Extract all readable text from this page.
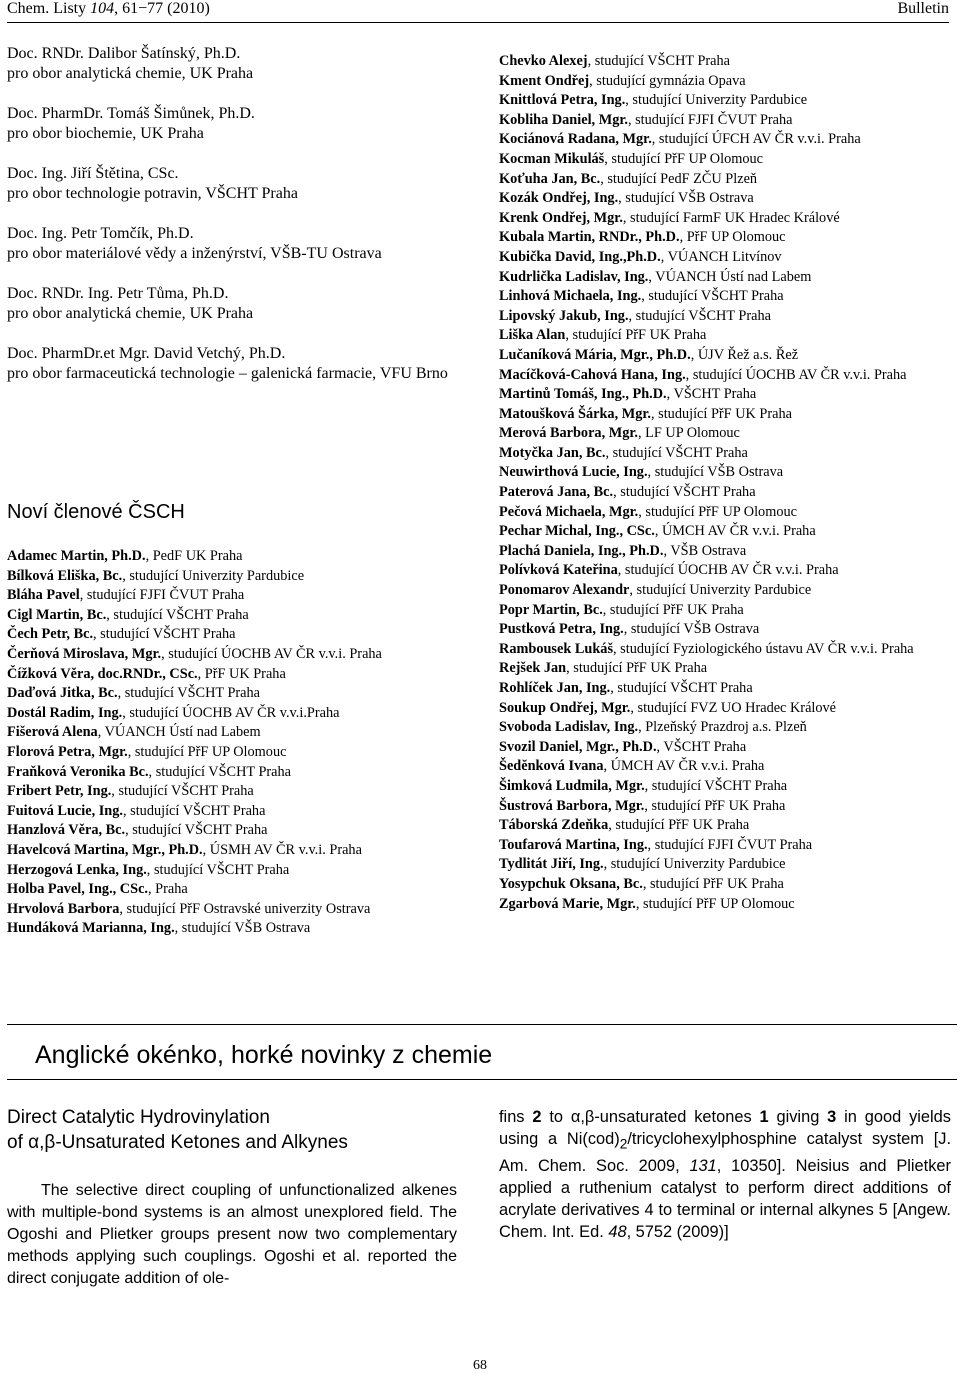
Chem. Listy 104, 61−77 (2010)	Bulletin
Doc. RNDr. Dalibor Šatínský, Ph.D.
pro obor analytická chemie, UK Praha
Doc. PharmDr. Tomáš Šimůnek, Ph.D.
pro obor biochemie, UK Praha
Doc. Ing. Jiří Štětina, CSc.
pro obor technologie potravin, VŠCHT Praha
Doc. Ing. Petr Tomčík, Ph.D.
pro obor materiálové vědy a inženýrství, VŠB-TU Ostrava
Doc. RNDr. Ing. Petr Tůma, Ph.D.
pro obor analytická chemie, UK Praha
Doc. PharmDr.et Mgr. David Vetchý, Ph.D.
pro obor farmaceutická technologie – galenická farmacie, VFU Brno
Noví členové ČSCH
Adamec Martin, Ph.D., PedF UK Praha
Bílková Eliška, Bc., studující Univerzity Pardubice
Bláha Pavel, studující FJFI ČVUT Praha
Cigl Martin, Bc., studující VŠCHT Praha
Čech Petr, Bc., studující VŠCHT Praha
Čerňová Miroslava, Mgr., studující ÚOCHB AV ČR v.v.i. Praha
Čížková Věra, doc.RNDr., CSc., PřF UK Praha
Daďová Jitka, Bc., studující VŠCHT Praha
Dostál Radim, Ing., studující ÚOCHB AV ČR v.v.i.Praha
Fišerová Alena, VÚANCH Ústí nad Labem
Florová Petra, Mgr., studující PřF UP Olomouc
Fraňková Veronika Bc., studující VŠCHT Praha
Fribert Petr, Ing., studující VŠCHT Praha
Fuitová Lucie, Ing., studující VŠCHT Praha
Hanzlová Věra, Bc., studující VŠCHT Praha
Havelcová Martina, Mgr., Ph.D., ÚSMH AV ČR v.v.i. Praha
Herzogová Lenka, Ing., studující VŠCHT Praha
Holba Pavel, Ing., CSc., Praha
Hrvolová Barbora, studující PřF Ostravské univerzity Ostrava
Hundáková Marianna, Ing., studující VŠB Ostrava
Chevko Alexej, studující VŠCHT Praha
Kment Ondřej, studující gymnázia Opava
Knittlová Petra, Ing., studující Univerzity Pardubice
Kobliha Daniel, Mgr., studující FJFI ČVUT Praha
Kociánová Radana, Mgr., studující ÚFCH AV ČR v.v.i. Praha
Kocman Mikuláš, studující PřF UP Olomouc
Koťuha Jan, Bc., studující PedF ZČU Plzeň
Kozák Ondřej, Ing., studující VŠB Ostrava
Krenk Ondřej, Mgr., studující FarmF UK Hradec Králové
Kubala Martin, RNDr., Ph.D., PřF UP Olomouc
Kubička David, Ing.,Ph.D., VÚANCH Litvínov
Kudrlička Ladislav, Ing., VÚANCH Ústí nad Labem
Linhová Michaela, Ing., studující VŠCHT Praha
Lipovský Jakub, Ing., studující VŠCHT Praha
Liška Alan, studující PřF UK Praha
Lučaníková Mária, Mgr., Ph.D., ÚJV Řež a.s. Řež
Macíčková-Cahová Hana, Ing., studující ÚOCHB AV ČR v.v.i. Praha
Martinů Tomáš, Ing., Ph.D., VŠCHT Praha
Matoušková Šárka, Mgr., studující PřF UK Praha
Merová Barbora, Mgr., LF UP Olomouc
Motyčka Jan, Bc., studující VŠCHT Praha
Neuwirthová Lucie, Ing., studující VŠB Ostrava
Paterová Jana, Bc., studující VŠCHT Praha
Pečová Michaela, Mgr., studující PřF UP Olomouc
Pechar Michal, Ing., CSc., ÚMCH AV ČR v.v.i. Praha
Plachá Daniela, Ing., Ph.D., VŠB Ostrava
Polívková Kateřina, studující ÚOCHB AV ČR v.v.i. Praha
Ponomarov Alexandr, studující Univerzity Pardubice
Popr Martin, Bc., studující PřF UK Praha
Pustková Petra, Ing., studující VŠB Ostrava
Rambousek Lukáš, studující Fyziologického ústavu AV ČR v.v.i. Praha
Rejšek Jan, studující PřF UK Praha
Rohlíček Jan, Ing., studující VŠCHT Praha
Soukup Ondřej, Mgr., studující FVZ UO Hradec Králové
Svoboda Ladislav, Ing., Plzeňský Prazdroj a.s. Plzeň
Svozil Daniel, Mgr., Ph.D., VŠCHT Praha
Šedĕnková Ivana, ÚMCH AV ČR v.v.i. Praha
Šimková Ludmila, Mgr., studující VŠCHT Praha
Šustrová Barbora, Mgr., studující PřF UK Praha
Táborská Zdeňka, studující PřF UK Praha
Toufarová Martina, Ing., studující FJFI ČVUT Praha
Tydlitát Jiří, Ing., studující Univerzity Pardubice
Yosypchuk Oksana, Bc., studující PřF UK Praha
Zgarbová Marie, Mgr., studující PřF UP Olomouc
Anglické okénko, horké novinky z chemie
Direct Catalytic Hydrovinylation
of α,β-Unsaturated Ketones and Alkynes
The selective direct coupling of unfunctionalized alkenes with multiple-bond systems is an almost unexplored field. The Ogoshi and Plietker groups present now two complementary methods applying such couplings. Ogoshi et al. reported the direct conjugate addition of ole-
fins 2 to α,β-unsaturated ketones 1 giving 3 in good yields using a $Ni(cod)_2$/tricyclohexylphosphine catalyst system [J. Am. Chem. Soc. 2009, 131, 10350]. Neisius and Plietker applied a ruthenium catalyst to perform direct additions of acrylate derivatives 4 to terminal or internal alkynes 5 [Angew. Chem. Int. Ed. 48, 5752 (2009)]
68
